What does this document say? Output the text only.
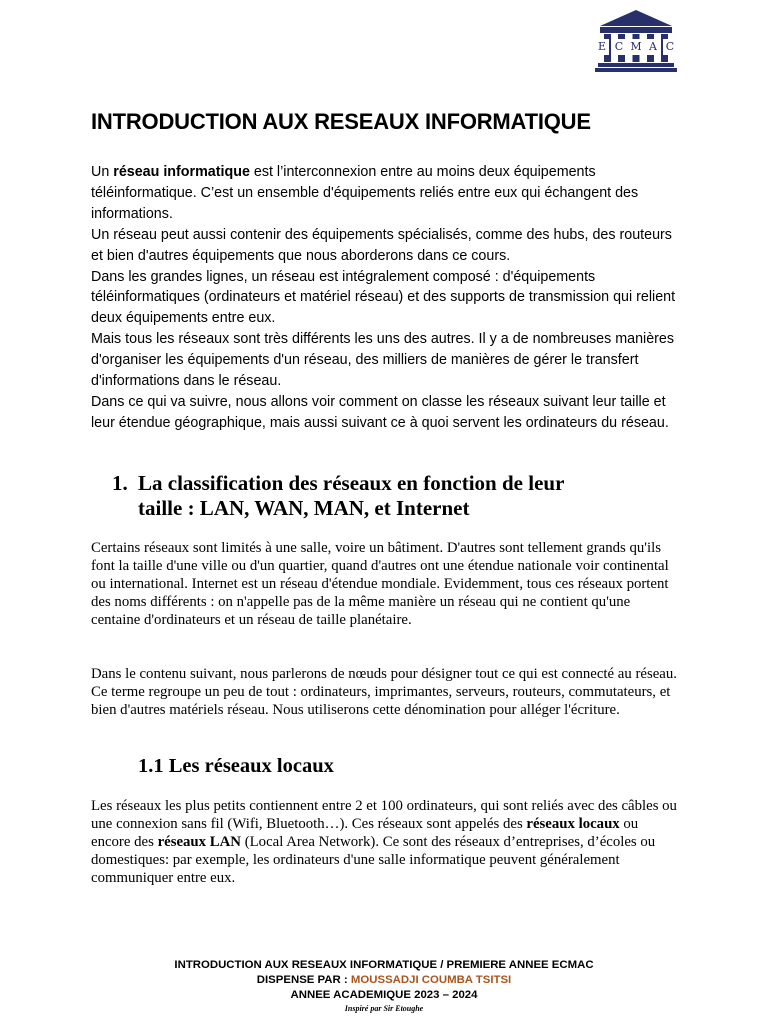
E C M A C
INTRODUCTION AUX RESEAUX INFORMATIQUE

Un réseau informatique est l’interconnexion entre au moins deux équipements téléinformatique. C’est un ensemble d'équipements reliés entre eux qui échangent des informations.

Un réseau peut aussi contenir des équipements spécialisés, comme des hubs, des routeurs et bien d'autres équipements que nous aborderons dans ce cours.

Dans les grandes lignes, un réseau est intégralement composé : d'équipements téléinformatiques (ordinateurs et matériel réseau) et des supports de transmission qui relient deux équipements entre eux.

Mais tous les réseaux sont très différents les uns des autres. Il y a de nombreuses manières d'organiser les équipements d'un réseau, des milliers de manières de gérer le transfert d'informations dans le réseau.

Dans ce qui va suivre, nous allons voir comment on classe les réseaux suivant leur taille et leur étendue géographique, mais aussi suivant ce à quoi servent les ordinateurs du réseau.

1. La classification des réseaux en fonction de leur
taille : LAN, WAN, MAN, et Internet

Certains réseaux sont limités à une salle, voire un bâtiment. D'autres sont tellement grands qu'ils font la taille d'une ville ou d'un quartier, quand d'autres ont une étendue nationale voir continental ou international. Internet est un réseau d'étendue mondiale. Evidemment, tous ces réseaux portent des noms différents : on n'appelle pas de la même manière un réseau qui ne contient qu'une centaine d'ordinateurs et un réseau de taille planétaire.

Dans le contenu suivant, nous parlerons de nœuds pour désigner tout ce qui est connecté au réseau. Ce terme regroupe un peu de tout : ordinateurs, imprimantes, serveurs, routeurs, commutateurs, et bien d'autres matériels réseau. Nous utiliserons cette dénomination pour alléger l'écriture.

1.1 Les réseaux locaux

Les réseaux les plus petits contiennent entre 2 et 100 ordinateurs, qui sont reliés avec des câbles ou une connexion sans fil (Wifi, Bluetooth…). Ces réseaux sont appelés des réseaux locaux ou encore des réseaux LAN (Local Area Network). Ce sont des réseaux d’entreprises, d’écoles ou domestiques: par exemple, les ordinateurs d'une salle informatique peuvent généralement communiquer entre eux.

INTRODUCTION AUX RESEAUX INFORMATIQUE / PREMIERE ANNEE ECMAC
DISPENSE PAR : MOUSSADJI COUMBA TSITSI
ANNEE ACADEMIQUE 2023 – 2024
Inspiré par Sir Etoughe
